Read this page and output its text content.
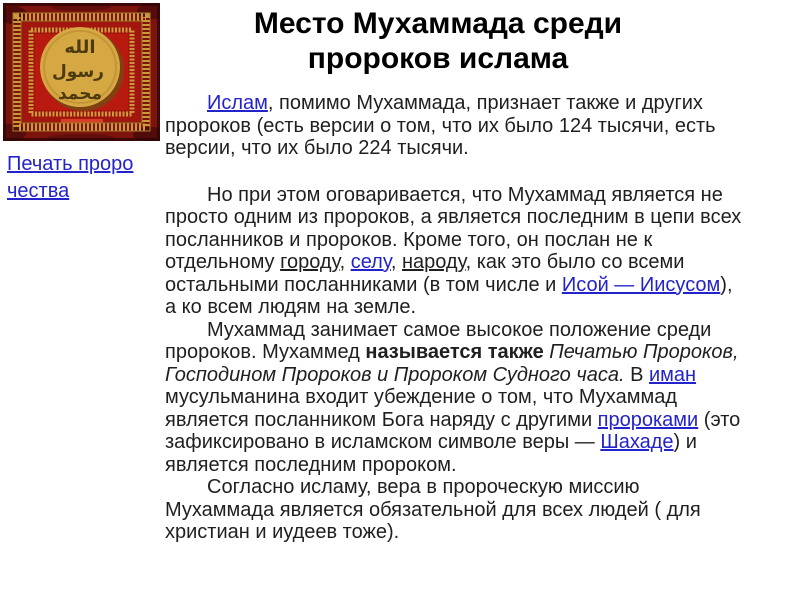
Место Мухаммада среди
пророков ислама
الله
رسول
محمد
Печать проро
чества

Ислам, помимо Мухаммада, признает также и других пророков (есть версии о том, что их было 124 тысячи, есть версии, что их было 224 тысячи.

Но при этом оговаривается, что Мухаммад является не просто одним из пророков, а является последним в цепи всех посланников и пророков. Кроме того, он послан не к отдельному городу, селу, народу, как это было со всеми остальными посланниками (в том числе и Исой — Иисусом), а ко всем людям на земле.

Мухаммад занимает самое высокое положение среди пророков. Мухаммед называется также Печатью Пророков, Господином Пророков и Пророком Судного часа. В иман мусульманина входит убеждение о том, что Мухаммад является посланником Бога наряду с другими пророками (это зафиксировано в исламском символе веры — Шахаде) и является последним пророком.

Согласно исламу, вера в пророческую миссию Мухаммада является обязательной для всех людей ( для христиан и иудеев тоже).
